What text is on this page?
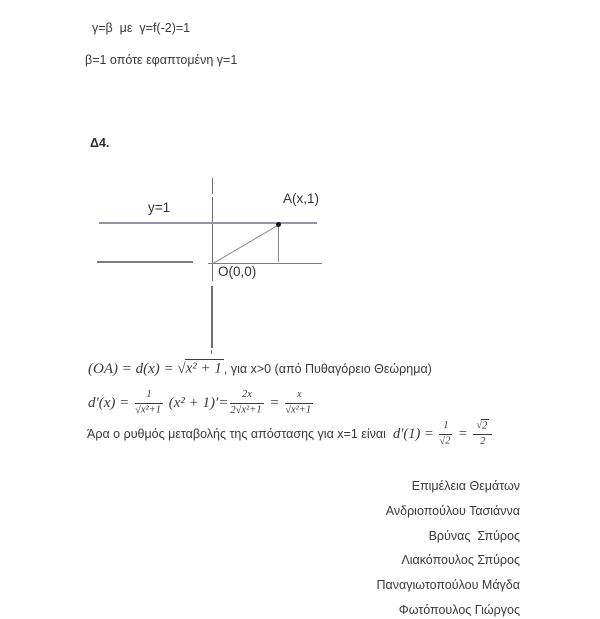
γ=β  με  γ=f(-2)=1
β=1 οπότε εφαπτομένη γ=1
Δ4.
y=1
A(x,1)
O(0,0)
(OA) = d(x) = √x² + 1 , για x>0 (από Πυθαγόρειο Θεώρημα)
$d'(x) = \frac{1}{\text{√x²+1}} (x^2 + 1)'= \frac{2x}{\text{2√x²+1}} = \frac{x}{\text{√x²+1}}$
Άρα ο ρυθμός μεταβολής της απόστασης για x=1 είναι $d'(1) = \frac{1}{√2} = \frac{√2}{2}$
Επιμέλεια Θεμάτων
Ανδριοπούλου Τασιάννα
Βρύνας  Σπύρος
Λιακόπουλος Σπύρος
Παναγιωτοπούλου Μάγδα
Φωτόπουλος Γιώργος
